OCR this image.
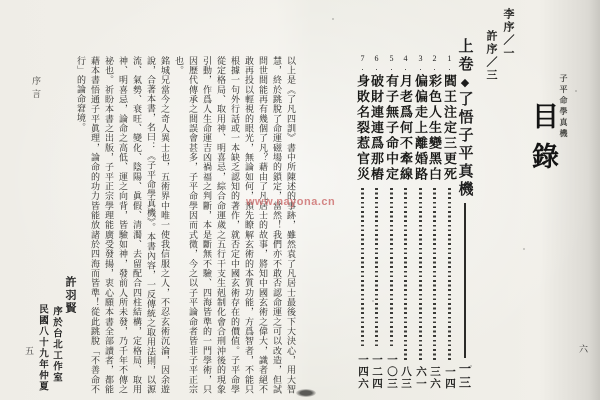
子平命學真機
目錄
李序／一
許序／三
上卷
◆
了悟子平真機
一三
1.
閻王注定三更死
一四
2.
彩色人生變黑白
三六
3.
偏偏走上離婚路
六一
4.
月老爲何不牽線
八三
5.
有子無子命中定
一〇三
6.
破財連連爲那樁
一二四
7.
身敗名裂惹官災
一四六
六
序言	以上是《了凡四訓》書中所陳述的事跡，雖然袁了凡居士最後下大決心，用大智慧，終於跳脫了命運磁場的鎖定，當然！我們亦不敢否認命運之可以改造，但試問世間能再有幾個了凡？藉由了凡居士的故事，將知中國玄術之偉大，識者絕不敢再投以輕視的眼光，無論如何，預先瞭解玄術的本質功能，方爲智者，不能只根據一句外行話或一本缺乏認知的著作，就否定中國玄術存在的價值。子平命學從定格局、取用神、明喜忌，綜合命運歲之五行干支生剋制化會合刑沖後的現象引動，作爲人生命運吉凶禍福之判斷，本是斷無不驗、四海皆準的一門學術，只因歷代傳承之間誤會甚多，子平命學因而式微，今之以子平論命者皆非子平正宗也。

銘城兄當今之奇人異士也，五術界中唯一使我信服之人，不忍玄術沉淪，因余遊說，合著本書，名曰：《子平命學真機》。本書內容，一反傳統之取用法則，以源流、氣勢、衰旺、變化、陰陽、眞假、清濁、去留配合四柱結構，定格局、取用神、明喜忌，論命之高低、運之向背，皆驗如神，發前人所未發，乃千年不傳之祕也。祈盼本書之出版，子平正宗學理能廣受發揚，衷心願本書全部讀者，都能藉本書悟通子平眞理，論命的功力皆能放諸於四海而皆準！從此跳脫「不善命不行」的論命窘境。

許羽賢
序於台北工作室
民國八十九年仲夏
五
www.nayona.cn
